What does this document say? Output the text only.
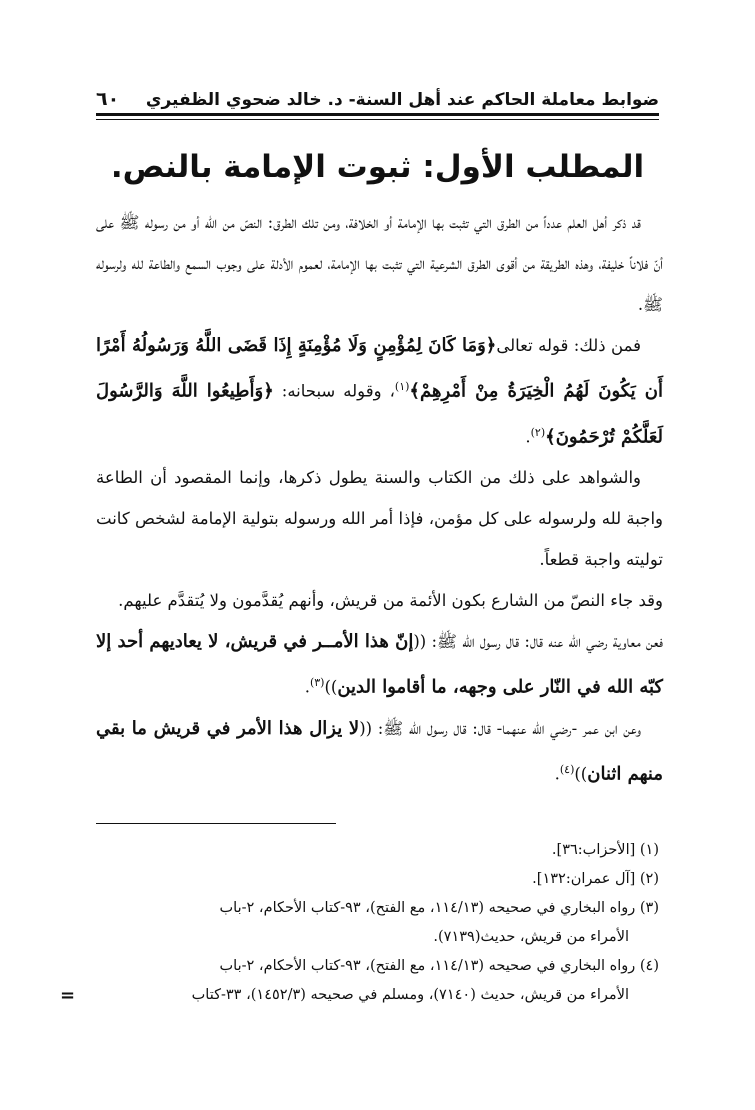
ضوابط معاملة الحاكم عند أهل السنة- د. خالد ضحوي الظفيري
٦٠
المطلب الأول: ثبوت الإمامة بالنص.

قد ذكر أهل العلم عدداً من الطرق التي تثبت بها الإمامة أو الخلافة، ومن تلك الطرق: النصّ من الله أو من رسوله ﷺ على أنّ فلاناً خليفة، وهذه الطريقة من أقوى الطرق الشرعية التي تثبت بها الإمامة، لعموم الأدلة على وجوب السمع والطاعة لله ولرسوله ﷺ.

فمن ذلك: قوله تعالى﴿وَمَا كَانَ لِمُؤْمِنٍ وَلَا مُؤْمِنَةٍ إِذَا قَضَى اللَّهُ وَرَسُولُهُ أَمْرًا أَن يَكُونَ لَهُمُ الْخِيَرَةُ مِنْ أَمْرِهِمْ﴾$^{(١)}$، وقوله سبحانه: ﴿وَأَطِيعُوا اللَّهَ وَالرَّسُولَ لَعَلَّكُمْ تُرْحَمُونَ﴾$^{(٢)}$.

والشواهد على ذلك من الكتاب والسنة يطول ذكرها، وإنما المقصود أن الطاعة واجبة لله ولرسوله على كل مؤمن، فإذا أمر الله ورسوله بتولية الإمامة لشخص كانت توليته واجبة قطعاً.

وقد جاء النصّ من الشارع بكون الأئمة من قريش، وأنهم يُقدَّمون ولا يُتقدَّم عليهم.

فعن معاوية رضي الله عنه قال: قال رسول الله ﷺ: ((إنّ هذا الأمــر في قريش، لا يعاديهم أحد إلا كبّه الله في النّار على وجهه، ما أقاموا الدين))$^{(٣)}$.

وعن ابن عمر -رضي الله عنهما- قال: قال رسول الله ﷺ: ((لا يزال هذا الأمر في قريش ما بقي منهم اثنان))$^{(٤)}$.

(١) [الأحزاب:٣٦].

(٢) [آل عمران:١٣٢].

(٣) رواه البخاري في صحيحه (١١٤/١٣، مع الفتح)، ٩٣-كتاب الأحكام، ٢-باب
الأمراء من قريش، حديث(٧١٣٩).

(٤) رواه البخاري في صحيحه (١١٤/١٣، مع الفتح)، ٩٣-كتاب الأحكام، ٢-باب
الأمراء من قريش، حديث (٧١٤٠)، ومسلم في صحيحه (١٤٥٢/٣)، ٣٣-كتاب
=
